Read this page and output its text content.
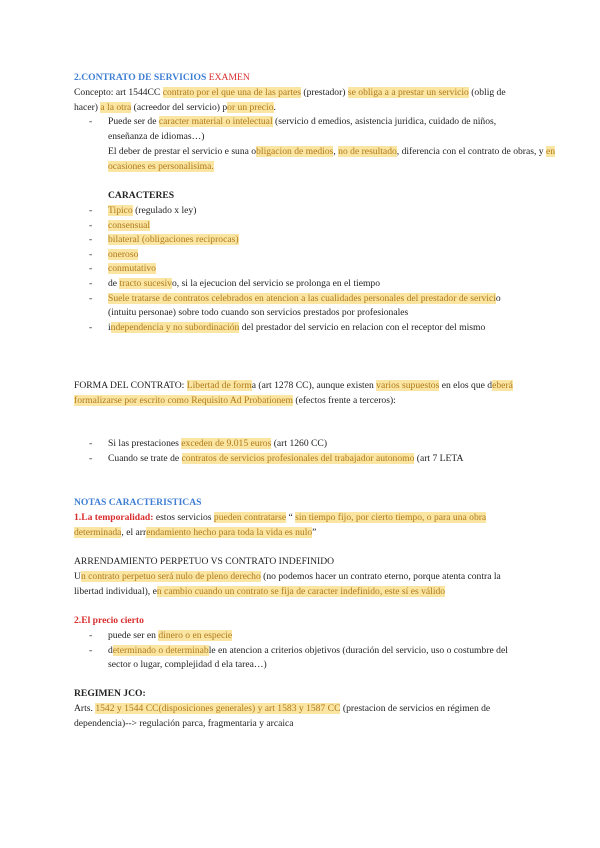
2.CONTRATO DE SERVICIOS EXAMEN
Concepto: art 1544CC contrato por el que una de las partes (prestador) se obliga a a prestar un servicio (oblig de hacer) a la otra (acreedor del servicio) por un precio.
- Puede ser de caracter material o intelectual (servicio d emedios, asistencia juridica, cuidado de niños, enseñanza de idiomas…)
El deber de prestar el servicio e suna obligacion de medios, no de resultado, diferencia con el contrato de obras, y en ocasiones es personalisima.
CARACTERES
- Tipico (regulado x ley)
- consensual
- bilateral (obligaciones reciprocas)
- oneroso
- conmutativo
- de tracto sucesivo, si la ejecucion del servicio se prolonga en el tiempo
- Suele tratarse de contratos celebrados en atencion a las cualidades personales del prestador de servicio (intuitu personae) sobre todo cuando son servicios prestados por profesionales
- independencia y no subordinación del prestador del servicio en relacion con el receptor del mismo
FORMA DEL CONTRATO: Libertad de forma (art 1278 CC), aunque existen varios supuestos en elos que deberá formalizarse por escrito como Requisito Ad Probationem (efectos frente a terceros):
- Si las prestaciones exceden de 9.015 euros (art 1260 CC)
- Cuando se trate de contratos de servicios profesionales del trabajador autonomo (art 7 LETA
NOTAS CARACTERISTICAS
1.La temporalidad: estos servicios pueden contratarse “ sin tiempo fijo, por cierto tiempo, o para una obra determinada, el arrendamiento hecho para toda la vida es nulo”
ARRENDAMIENTO PERPETUO VS CONTRATO INDEFINIDO
Un contrato perpetuo será nulo de pleno derecho (no podemos hacer un contrato eterno, porque atenta contra la libertad individual), en cambio cuando un contrato se fija de caracter indefinido, este sí es válido
2.El precio cierto
- puede ser en dinero o en especie
- determinado o determinable en atencion a criterios objetivos (duración del servicio, uso o costumbre del sector o lugar, complejidad d ela tarea…)
REGIMEN JCO:
Arts. 1542 y 1544 CC(disposiciones generales) y art 1583 y 1587 CC (prestacion de servicios en régimen de dependencia)--> regulación parca, fragmentaria y arcaica
